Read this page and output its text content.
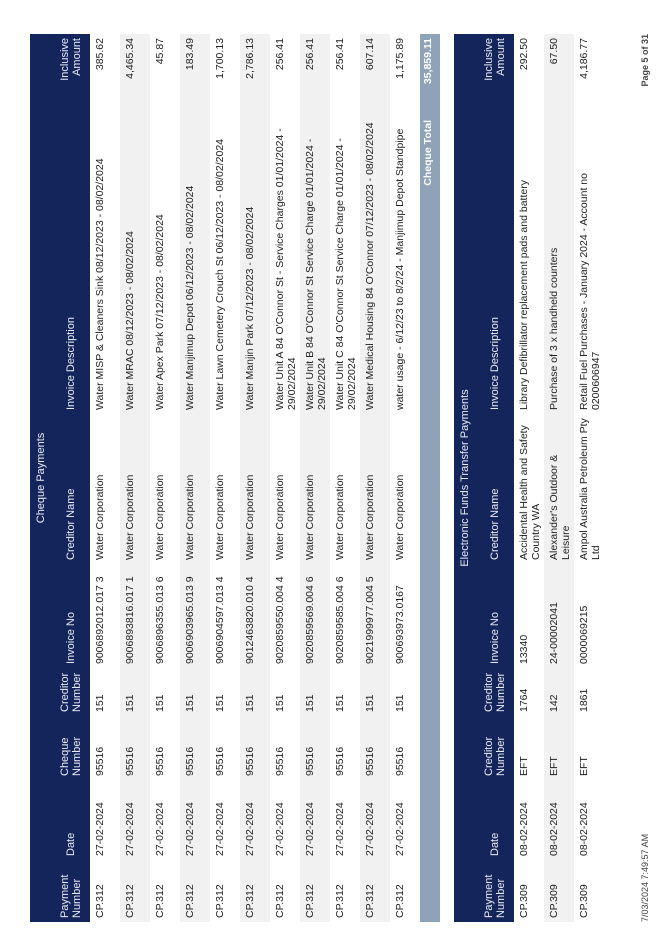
Cheque Payments
Payment Number	Date	Cheque Number	Creditor Number	Invoice No	Creditor Name	Invoice Description	Inclusive Amount
CP.312	27-02-2024	95516	151	9006892012.017 3	Water Corporation	Water MISP & Cleaners Sink 08/12/2023 - 08/02/2024	385.62
CP.312	27-02-2024	95516	151	9006893816.017 1	Water Corporation	Water MRAC 08/12/2023 - 08/02/2024	4,465.34
CP.312	27-02-2024	95516	151	9006896355.013 6	Water Corporation	Water Apex Park 07/12/2023 - 08/02/2024	45.87
CP.312	27-02-2024	95516	151	9006903965.013 9	Water Corporation	Water Manjimup Depot 06/12/2023 - 08/02/2024	183.49
CP.312	27-02-2024	95516	151	9006904597.013 4	Water Corporation	Water Lawn Cemetery Crouch St 06/12/2023 - 08/02/2024	1,700.13
CP.312	27-02-2024	95516	151	9012463820.010 4	Water Corporation	Water Manjin Park 07/12/2023 - 08/02/2024	2,786.13
CP.312	27-02-2024	95516	151	9020859550.004 4	Water Corporation	Water Unit A 84 O'Connor St - Service Charges 01/01/2024 - 29/02/2024	256.41
CP.312	27-02-2024	95516	151	9020859569.004 6	Water Corporation	Water Unit B 84 O'Connor St Service Charge 01/01/2024 - 29/02/2024	256.41
CP.312	27-02-2024	95516	151	9020859585.004 6	Water Corporation	Water Unit C 84 O'Connor St Service Charge 01/01/2024 - 29/02/2024	256.41
CP.312	27-02-2024	95516	151	9021999977.004 5	Water Corporation	Water Medical Housing 84 O'Connor 07/12/2023 - 08/02/2024	607.14
CP.312	27-02-2024	95516	151	900693973.0167	Water Corporation	water usage - 6/12/23 to 8/2/24 - Manjimup Depot Standpipe	1,175.89
						Cheque Total	35,859.11
Electronic Funds Transfer Payments
Payment Number	Date	Creditor Number	Creditor Number	Invoice No	Creditor Name	Invoice Description	Inclusive Amount
CP.309	08-02-2024	EFT	1764	13340	Accidental Health and Safety Country WA	Library Defibrillator replacement pads and battery	292.50
CP.309	08-02-2024	EFT	142	24-00002041	Alexander's Outdoor & Leisure	Purchase of 3 x handheld counters	67.50
CP.309	08-02-2024	EFT	1861	0000069215	Ampol Australia Petroleum Pty Ltd	Retail Fuel Purchases - January 2024 - Account no 0200606947	4,186.77
7/03/2024 7:49:57 AM
Page 5 of 31
